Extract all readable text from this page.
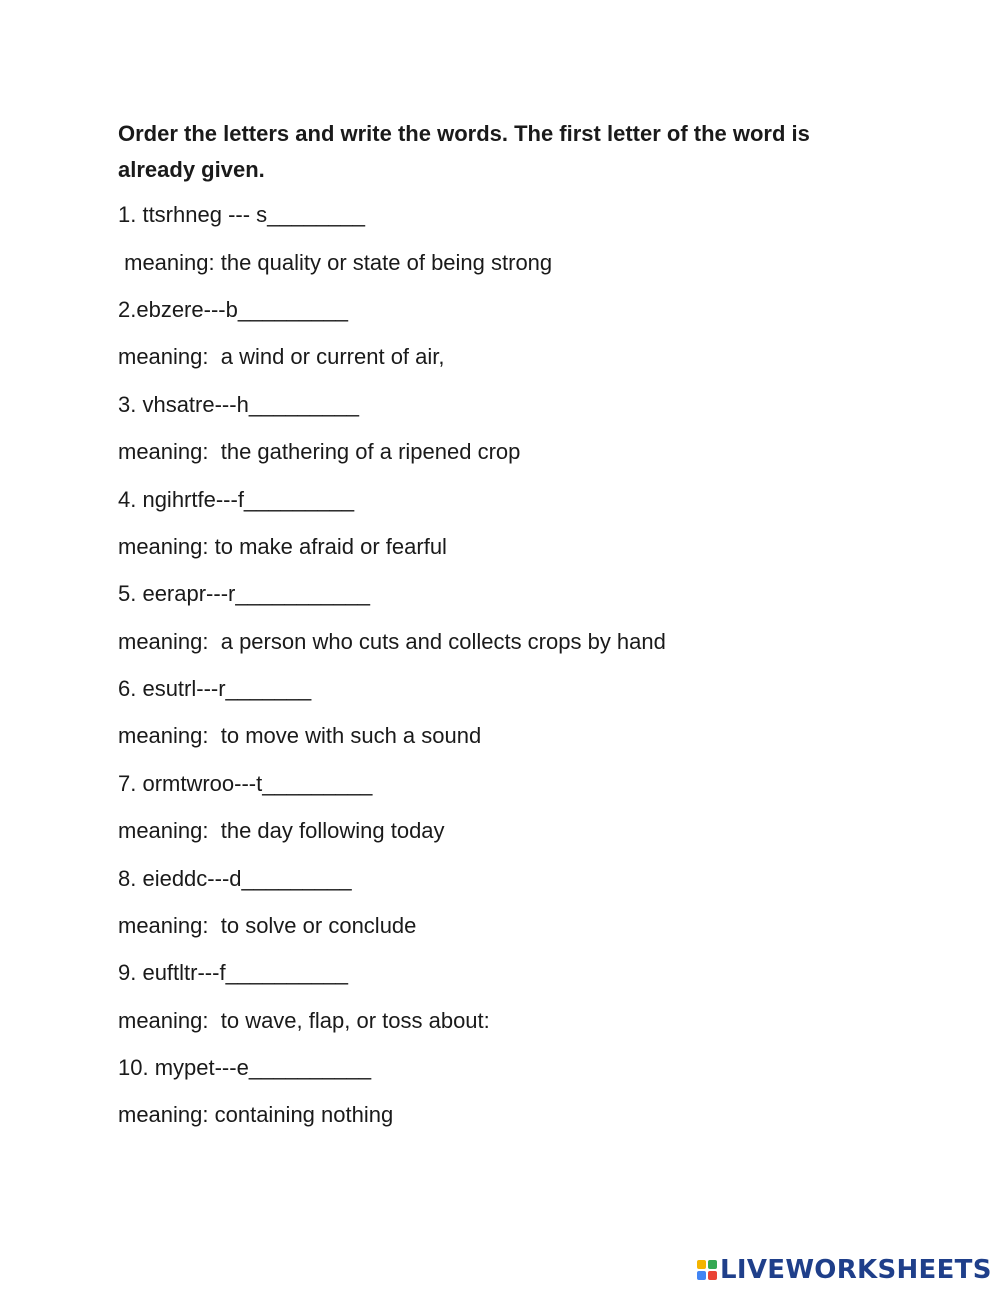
Order the letters and write the words. The first letter of the word is already given.

1. ttsrhneg --- s________

meaning: the quality or state of being strong

2.ebzere---b_________

meaning:  a wind or current of air,

3. vhsatre---h_________

meaning:  the gathering of a ripened crop

4. ngihrtfe---f_________

meaning: to make afraid or fearful

5. eerapr---r___________

meaning:  a person who cuts and collects crops by hand

6. esutrl---r_______

meaning:  to move with such a sound

7. ormtwroo---t_________

meaning:  the day following today

8. eieddc---d_________

meaning:  to solve or conclude

9. euftltr---f__________

meaning:  to wave, flap, or toss about:

10. mypet---e__________

meaning: containing nothing

LIVEWORKSHEETS
